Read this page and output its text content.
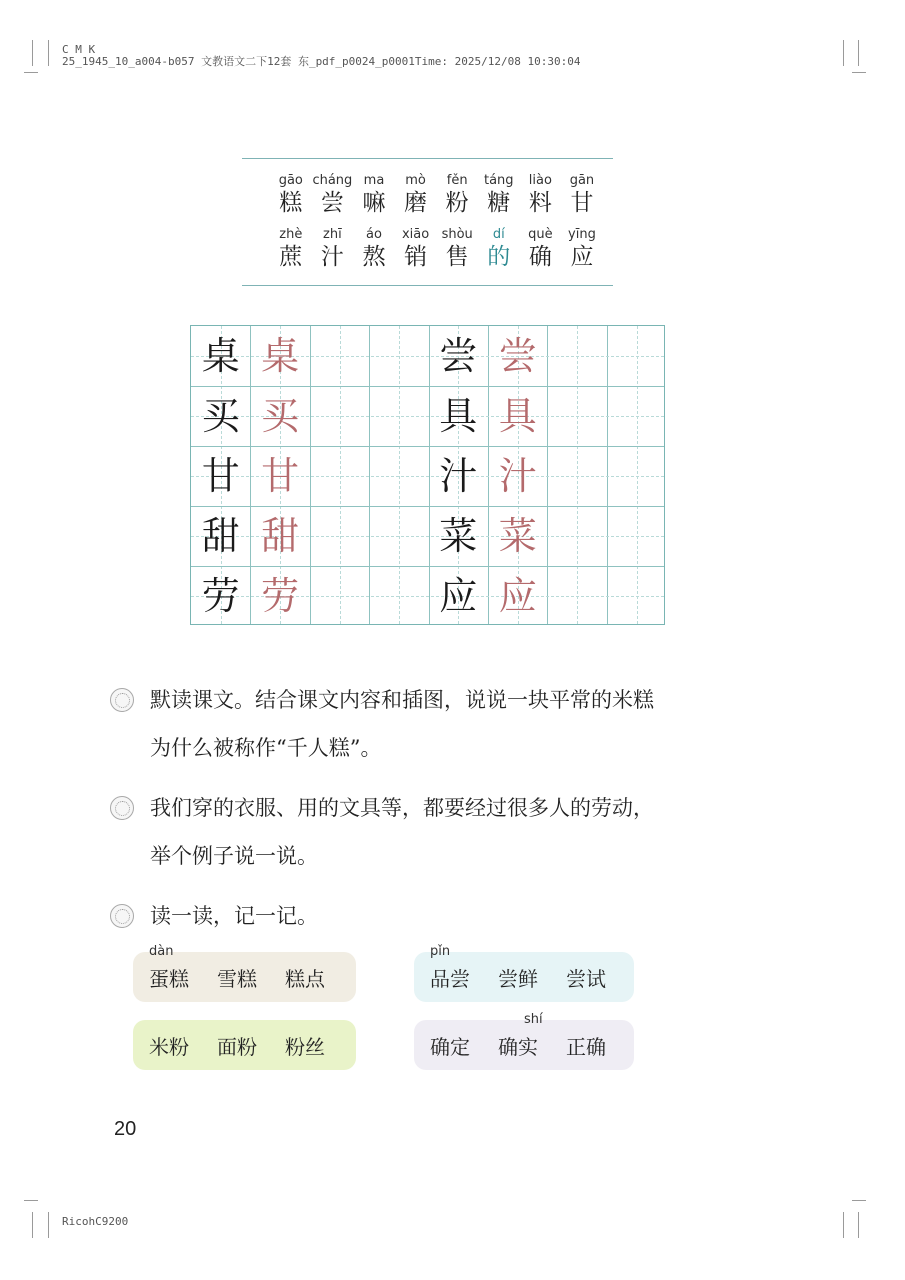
C M K
25_1945_10_a004-b057 文教语文二下12套 东_pdf_p0024_p0001Time: 2025/12/08 10:30:04
gāo
糕
cháng
尝
ma
嘛
mò
磨
fěn
粉
táng
糖
liào
料
gān
甘
zhè
蔗
zhī
汁
áo
熬
xiāo
销
shòu
售
dí
的
què
确
yīng
应
桌 桌
买 买
甘 甘
甜 甜
劳 劳
尝 尝
具 具
汁 汁
菜 菜
应 应
默读课文。结合课文内容和插图，说说一块平常的米糕
为什么被称作“千人糕”。
我们穿的衣服、用的文具等，都要经过很多人的劳动，
举个例子说一说。
读一读，记一记。
dàn
蛋糕 雪糕 糕点
pǐn
品尝 尝鲜 尝试
米粉 面粉 粉丝	确定
shí
确实 正确
20
RicohC9200
